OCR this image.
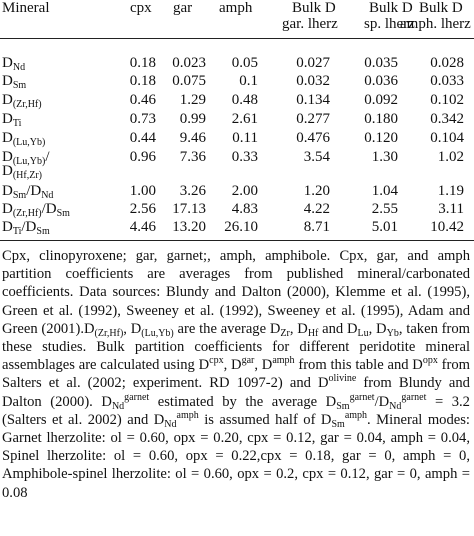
Mineral	cpx gar amph	Bulk D
gar. lherz
Bulk D
sp. lherz
Bulk D
amph. lherz
$D_{Nd}$	0.18 0.023 0.05	0.027 0.035 0.028
$D_{Sm}$	0.18 0.075 0.1	0.032 0.036 0.033
$D_{(Zr,Hf)}$	0.46 1.29 0.48	0.134 0.092 0.102
$D_{Ti}$	0.73 0.99 2.61	0.277 0.180 0.342
$D_{(Lu,Yb)}$	0.44 9.46 0.11	0.476 0.120 0.104
$D_{(Lu,Yb)}/$	0.96 7.36 0.33	3.54	1.30	1.02
$D_{(Hf,Zr)}$
$D_{Sm}/D_{Nd}$	1.00 3.26 2.00	1.20	1.04	1.19
$D_{(Zr,Hf)}/D_{Sm}$	2.56 17.13 4.83	4.22	2.55	3.11
$D_{Ti}/D_{Sm}$	4.46 13.20 26.10	8.71	5.01 10.42
Cpx, clinopyroxene; gar, garnet;, amph, amphibole. Cpx, gar, and amph partition coefficients are averages from published mineral/carbonated coefficients. Data sources: Blundy and Dalton (2000), Klemme et al. (1995), Green et al. (1992), Sweeney et al. (1992), Sweeney et al. (1995), Adam and Green $(2001).D_{(Zr,Hf)}$, $D_{(Lu,Yb)}$ are the average $D_{Zr}$, $D_{Hf}$ and $D_{Lu}$, $D_{Yb}$, taken from these studies. Bulk partition coefficients for different peridotite mineral assemblages are calculated using $D^{cpx}$, $D^{gar}$, $D^{amph}$ from this table and $D^{opx}$ from Salters et al. (2002; experiment. RD 1097-2) and $D^{olivine}$ from Blundy and Dalton (2000). $D_{Nd}^{garnet}$ estimated by the average $D_{Sm}^{garnet}/D_{Nd}^{garnet} = 3.2$ (Salters et al. 2002) and $D_{Nd}^{amph}$ is assumed half of $D_{Sm}^{amph}$. Mineral modes: Garnet lherzolite: ol = 0.60, opx = 0.20, cpx = 0.12, gar = 0.04, amph = 0.04, Spinel lherzolite: ol = 0.60, opx = 0.22,cpx = 0.18, gar = 0, amph = 0, Amphibole-spinel lherzolite: ol = 0.60, opx = 0.2, cpx = 0.12, gar = 0, amph = 0.08
